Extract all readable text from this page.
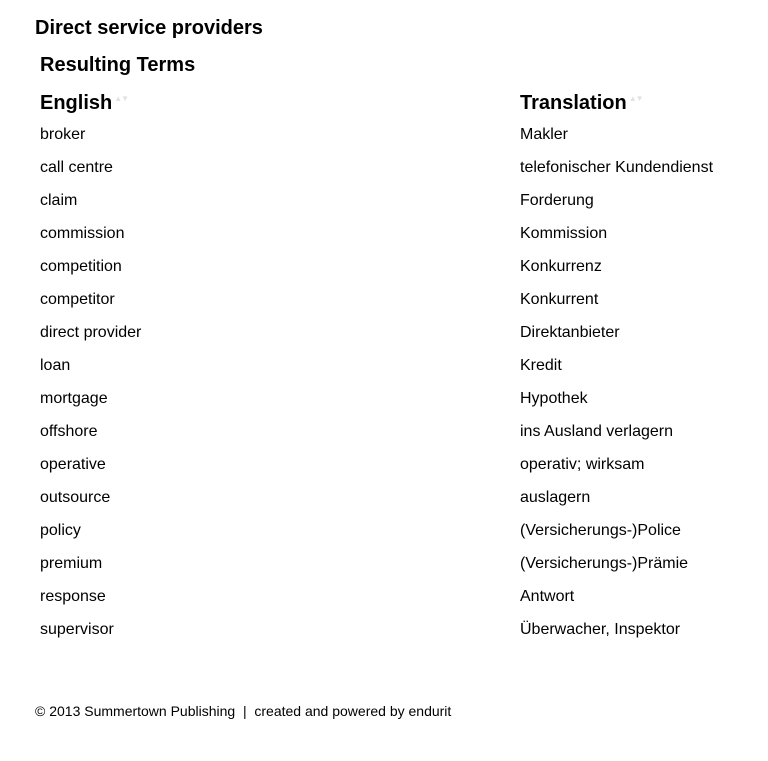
Direct service providers
Resulting Terms
English ▲▼	Translation ▲▼
broker	Makler
call centre	telefonischer Kundendienst
claim	Forderung
commission	Kommission
competition	Konkurrenz
competitor	Konkurrent
direct provider	Direktanbieter
loan	Kredit
mortgage	Hypothek
offshore	ins Ausland verlagern
operative	operativ; wirksam
outsource	auslagern
policy	(Versicherungs-)Police
premium	(Versicherungs-)Prämie
response	Antwort
supervisor	Überwacher, Inspektor
© 2013 Summertown Publishing  |  created and powered by endurit
